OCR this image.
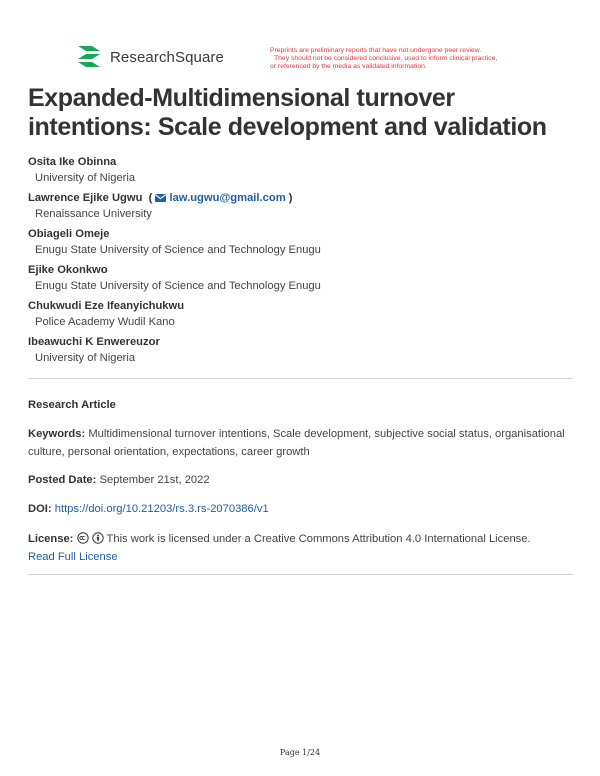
ResearchSquare	Preprints are preliminary reports that have not undergone peer review.
They should not be considered conclusive, used to inform clinical practice,
or referenced by the media as validated information.
Expanded-Multidimensional turnover intentions: Scale development and validation
Osita Ike Obinna
University of Nigeria
Lawrence Ejike Ugwu  ( law.ugwu@gmail.com )
Renaissance University
Obiageli Omeje
Enugu State University of Science and Technology Enugu
Ejike Okonkwo
Enugu State University of Science and Technology Enugu
Chukwudi Eze Ifeanyichukwu
Police Academy Wudil Kano
Ibeawuchi K Enwereuzor
University of Nigeria
Research Article
Keywords: Multidimensional turnover intentions, Scale development, subjective social status, organisational culture, personal orientation, expectations, career growth
Posted Date: September 21st, 2022
DOI: https://doi.org/10.21203/rs.3.rs-2070386/v1
License:	This work is licensed under a Creative Commons Attribution 4.0 International License.
Read Full License
Page 1/24
